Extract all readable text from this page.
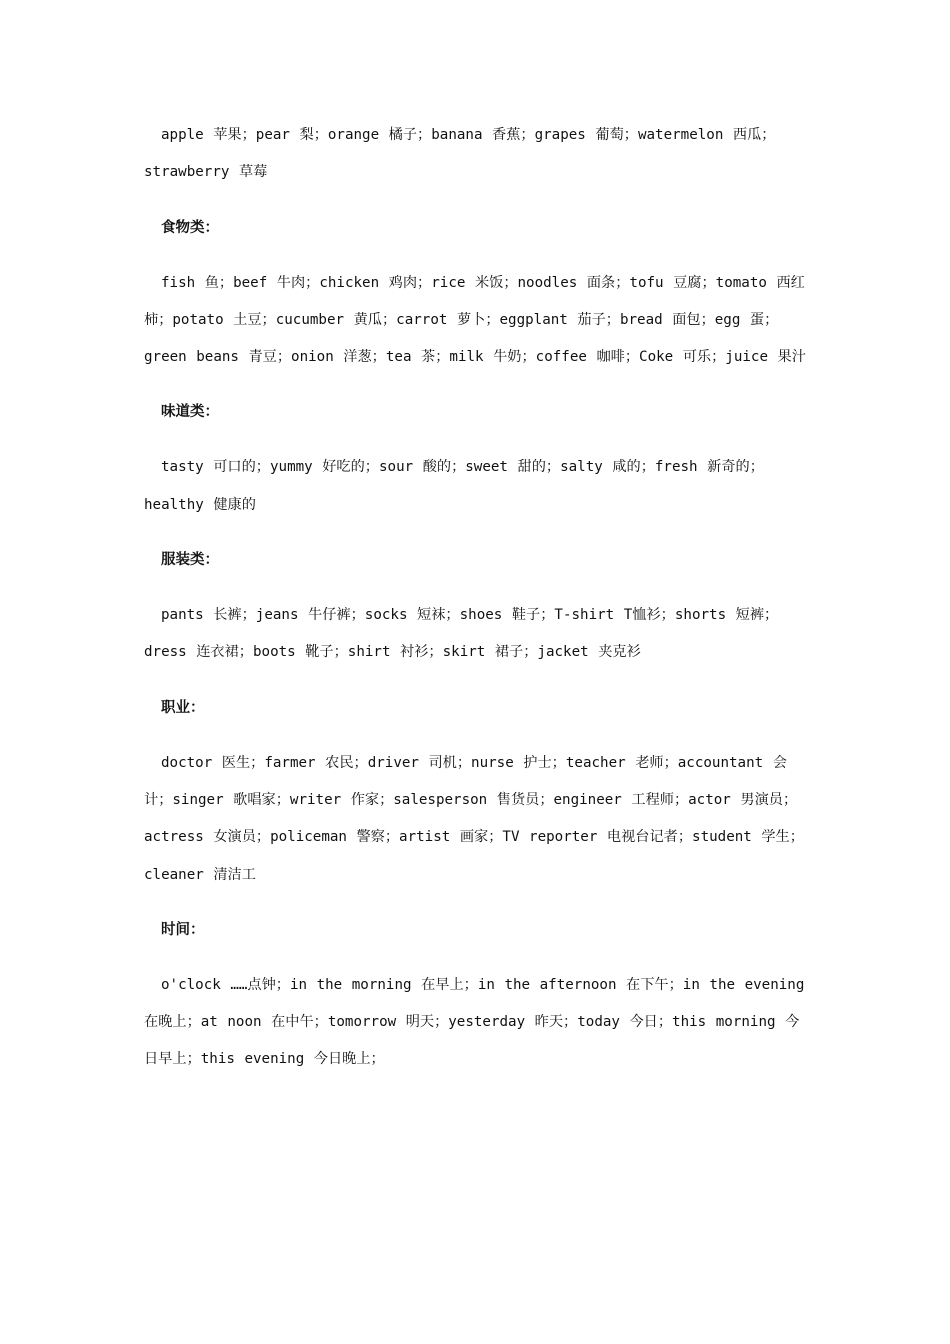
apple 苹果；pear 梨；orange 橘子；banana 香蕉；grapes 葡萄；watermelon 西瓜；strawberry 草莓

食物类：

fish 鱼；beef 牛肉；chicken 鸡肉；rice 米饭；noodles 面条；tofu 豆腐；tomato 西红柿；potato 土豆；cucumber 黄瓜；carrot 萝卜；eggplant 茄子；bread 面包；egg 蛋；green beans 青豆；onion 洋葱；tea 茶；milk 牛奶；coffee 咖啡；Coke 可乐；juice 果汁

味道类：

tasty 可口的；yummy 好吃的；sour 酸的；sweet 甜的；salty 咸的；fresh 新奇的；healthy 健康的

服装类：

pants 长裤；jeans 牛仔裤；socks 短袜；shoes 鞋子；T-shirt T恤衫；shorts 短裤；dress 连衣裙；boots 靴子；shirt 衬衫；skirt 裙子；jacket 夹克衫

职业：

doctor 医生；farmer 农民；driver 司机；nurse 护士；teacher 老师；accountant 会计；singer 歌唱家；writer 作家；salesperson 售货员；engineer 工程师；actor 男演员；actress 女演员；policeman 警察；artist 画家；TV reporter 电视台记者；student 学生；cleaner 清洁工

时间：

o'clock ……点钟；in the morning 在早上；in the afternoon 在下午；in the evening 在晚上；at noon 在中午；tomorrow 明天；yesterday 昨天；today 今日；this morning 今日早上；this evening 今日晚上；
